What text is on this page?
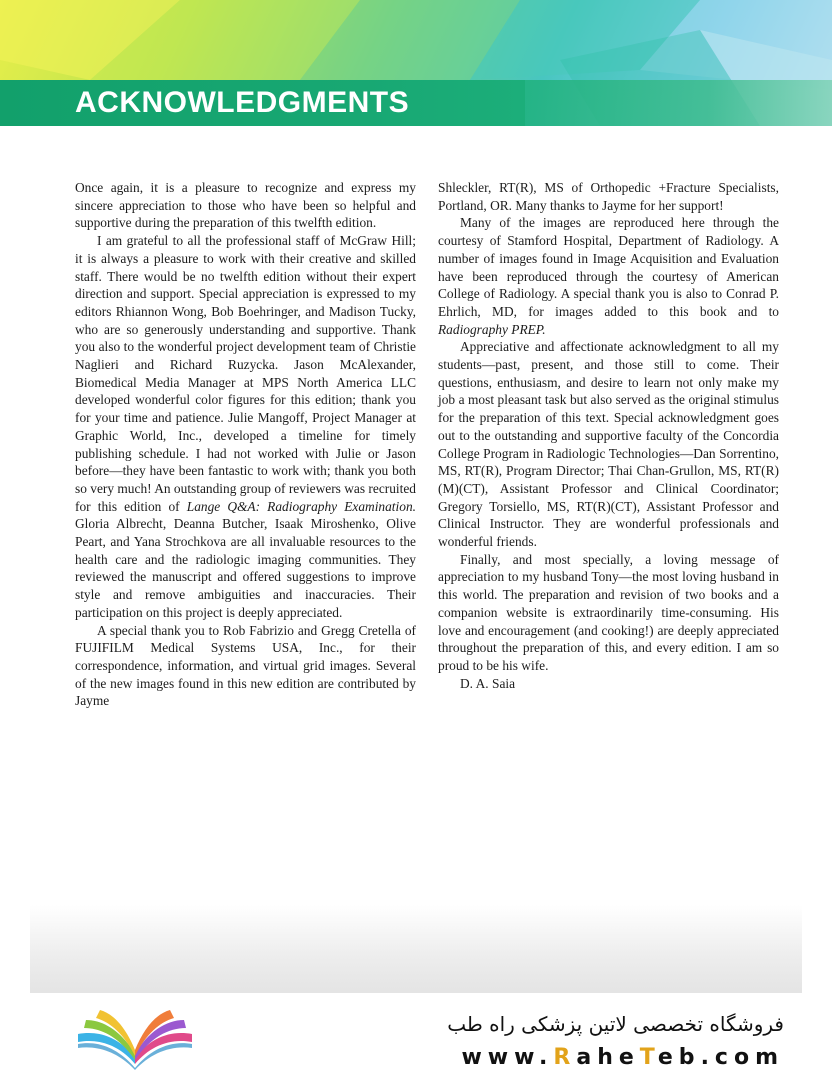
ACKNOWLEDGMENTS

Once again, it is a pleasure to recognize and express my sincere appreciation to those who have been so helpful and supportive during the preparation of this twelfth edition.

I am grateful to all the professional staff of McGraw Hill; it is always a pleasure to work with their creative and skilled staff. There would be no twelfth edition without their expert direction and support. Special appreciation is expressed to my editors Rhiannon Wong, Bob Boehringer, and Madison Tucky, who are so generously understanding and supportive. Thank you also to the wonderful project development team of Christie Naglieri and Richard Ruzycka. Jason McAlexander, Biomedical Media Manager at MPS North America LLC developed wonderful color figures for this edition; thank you for your time and patience. Julie Mangoff, Project Manager at Graphic World, Inc., developed a timeline for timely publishing schedule. I had not worked with Julie or Jason before—they have been fantastic to work with; thank you both so very much! An outstanding group of reviewers was recruited for this edition of Lange Q&A: Radiography Examination. Gloria Albrecht, Deanna Butcher, Isaak Miroshenko, Olive Peart, and Yana Strochkova are all invaluable resources to the health care and the radiologic imaging communities. They reviewed the manuscript and offered suggestions to improve style and remove ambiguities and inaccuracies. Their participation on this project is deeply appreciated.

A special thank you to Rob Fabrizio and Gregg Cretella of FUJIFILM Medical Systems USA, Inc., for their correspondence, information, and virtual grid images. Several of the new images found in this new edition are contributed by Jayme

Shleckler, RT(R), MS of Orthopedic +Fracture Specialists, Portland, OR. Many thanks to Jayme for her support!

Many of the images are reproduced here through the courtesy of Stamford Hospital, Department of Radiology. A number of images found in Image Acquisition and Evaluation have been reproduced through the courtesy of American College of Radiology. A special thank you is also to Conrad P. Ehrlich, MD, for images added to this book and to Radiography PREP.

Appreciative and affectionate acknowledgment to all my students—past, present, and those still to come. Their questions, enthusiasm, and desire to learn not only make my job a most pleasant task but also served as the original stimulus for the preparation of this text. Special acknowledgment goes out to the outstanding and supportive faculty of the Concordia College Program in Radiologic Technologies—Dan Sorrentino, MS, RT(R), Program Director; Thai Chan-Grullon, MS, RT(R)(M)(CT), Assistant Professor and Clinical Coordinator; Gregory Torsiello, MS, RT(R)(CT), Assistant Professor and Clinical Instructor. They are wonderful professionals and wonderful friends.

Finally, and most specially, a loving message of appreciation to my husband Tony—the most loving husband in this world. The preparation and revision of two books and a companion website is extraordinarily time-consuming. His love and encouragement (and cooking!) are deeply appreciated throughout the preparation of this, and every edition. I am so proud to be his wife.

D. A. Saia

فروشگاه تخصصی لاتین پزشکی راه طب

www.RaheTeb.com
